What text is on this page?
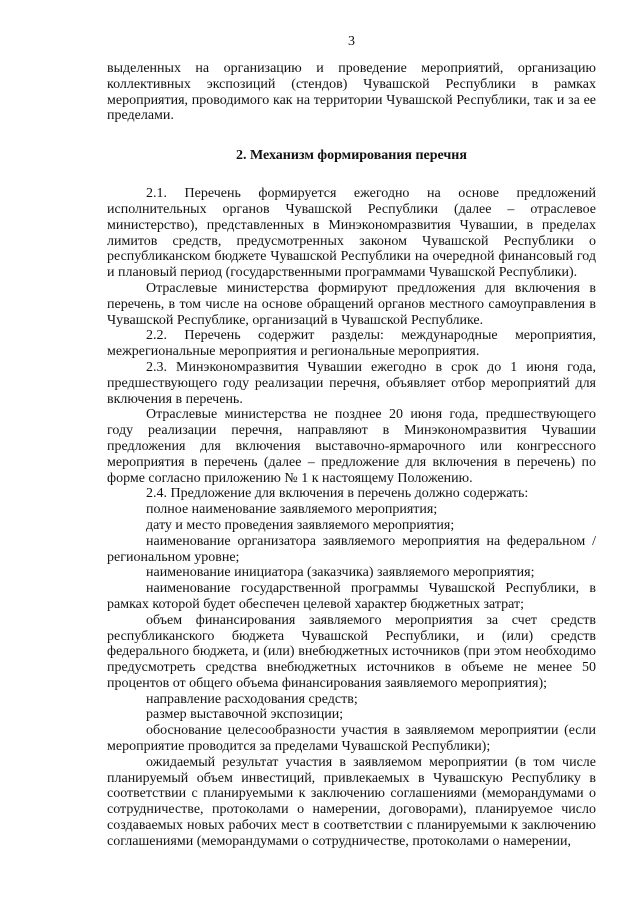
3

выделенных на организацию и проведение мероприятий, организацию коллективных экспозиций (стендов) Чувашской Республики в рамках мероприятия, проводимого как на территории Чувашской Республики, так и за ее пределами.

2. Механизм формирования перечня

2.1. Перечень формируется ежегодно на основе предложений исполнительных органов Чувашской Республики (далее – отраслевое министерство), представленных в Минэкономразвития Чувашии, в пределах лимитов средств, предусмотренных законом Чувашской Республики о республиканском бюджете Чувашской Республики на очередной финансовый год и плановый период (государственными программами Чувашской Республики).

Отраслевые министерства формируют предложения для включения в перечень, в том числе на основе обращений органов местного самоуправления в Чувашской Республике, организаций в Чувашской Республике.

2.2. Перечень содержит разделы: международные мероприятия, межрегиональные мероприятия и региональные мероприятия.

2.3. Минэкономразвития Чувашии ежегодно в срок до 1 июня года, предшествующего году реализации перечня, объявляет отбор мероприятий для включения в перечень.

Отраслевые министерства не позднее 20 июня года, предшествующего году реализации перечня, направляют в Минэкономразвития Чувашии предложения для включения выставочно-ярмарочного или конгрессного мероприятия в перечень (далее – предложение для включения в перечень) по форме согласно приложению № 1 к настоящему Положению.

2.4. Предложение для включения в перечень должно содержать:

полное наименование заявляемого мероприятия;

дату и место проведения заявляемого мероприятия;

наименование организатора заявляемого мероприятия на федеральном / региональном уровне;

наименование инициатора (заказчика) заявляемого мероприятия;

наименование государственной программы Чувашской Республики, в рамках которой будет обеспечен целевой характер бюджетных затрат;

объем финансирования заявляемого мероприятия за счет средств республиканского бюджета Чувашской Республики, и (или) средств федерального бюджета, и (или) внебюджетных источников (при этом необходимо предусмотреть средства внебюджетных источников в объеме не менее 50 процентов от общего объема финансирования заявляемого мероприятия);

направление расходования средств;

размер выставочной экспозиции;

обоснование целесообразности участия в заявляемом мероприятии (если мероприятие проводится за пределами Чувашской Республики);

ожидаемый результат участия в заявляемом мероприятии (в том числе планируемый объем инвестиций, привлекаемых в Чувашскую Республику в соответствии с планируемыми к заключению соглашениями (меморандумами о сотрудничестве, протоколами о намерении, договорами), планируемое число создаваемых новых рабочих мест в соответствии с планируемыми к заключению соглашениями (меморандумами о сотрудничестве, протоколами о намерении,
